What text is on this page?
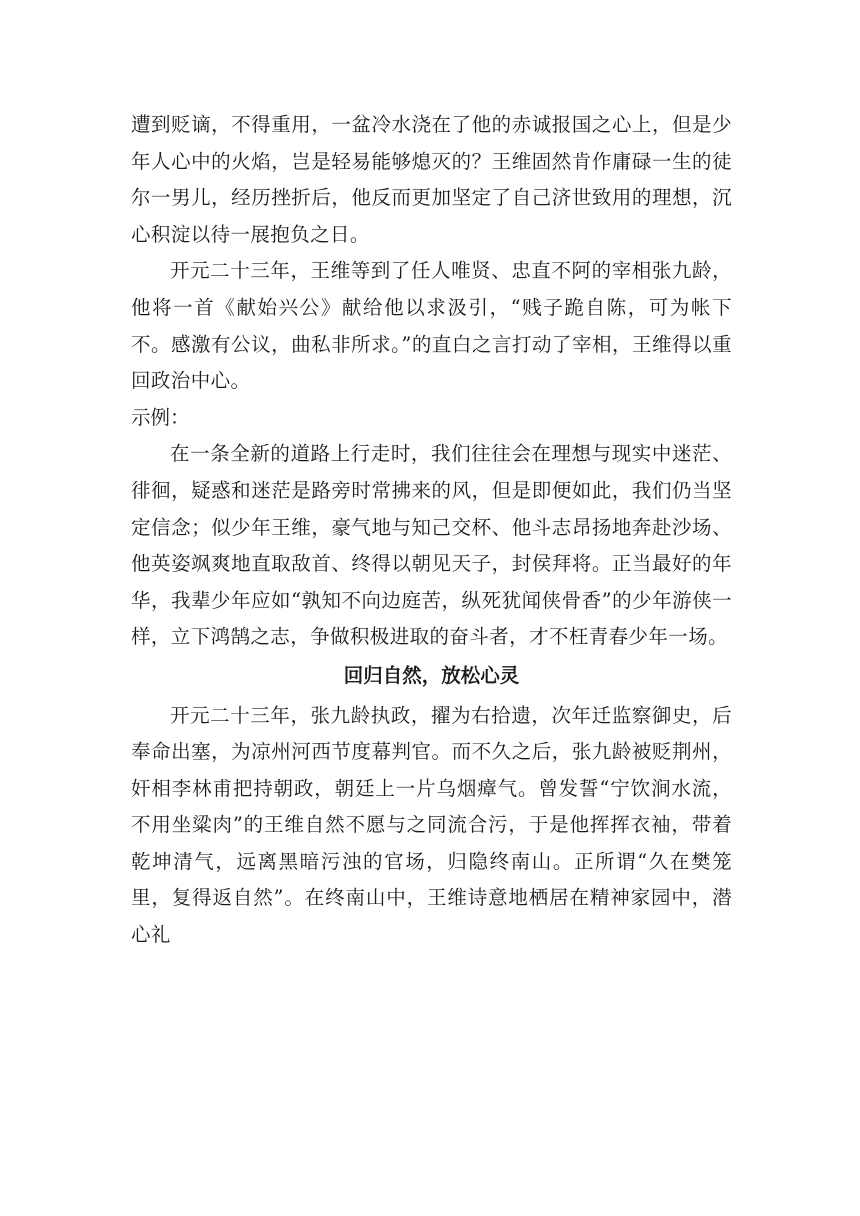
遭到贬谪，不得重用，一盆冷水浇在了他的赤诚报国之心上，但是少年人心中的火焰，岂是轻易能够熄灭的？王维固然肯作庸碌一生的徒尔一男儿，经历挫折后，他反而更加坚定了自己济世致用的理想，沉心积淀以待一展抱负之日。

开元二十三年，王维等到了任人唯贤、忠直不阿的宰相张九龄，他将一首《献始兴公》献给他以求汲引，“贱子跪自陈，可为帐下不。感激有公议，曲私非所求。”的直白之言打动了宰相，王维得以重回政治中心。

示例：

在一条全新的道路上行走时，我们往往会在理想与现实中迷茫、徘徊，疑惑和迷茫是路旁时常拂来的风，但是即便如此，我们仍当坚定信念；似少年王维，豪气地与知己交杯、他斗志昂扬地奔赴沙场、他英姿飒爽地直取敌首、终得以朝见天子，封侯拜将。正当最好的年华，我辈少年应如“孰知不向边庭苦，纵死犹闻侠骨香”的少年游侠一样，立下鸿鹄之志，争做积极进取的奋斗者，才不枉青春少年一场。

回归自然，放松心灵

开元二十三年，张九龄执政，擢为右拾遗，次年迁监察御史，后奉命出塞，为凉州河西节度幕判官。而不久之后，张九龄被贬荆州，奸相李林甫把持朝政，朝廷上一片乌烟瘴气。曾发誓“宁饮涧水流，不用坐粱肉”的王维自然不愿与之同流合污，于是他挥挥衣袖，带着乾坤清气，远离黑暗污浊的官场，归隐终南山。正所谓“久在樊笼里，复得返自然”。在终南山中，王维诗意地栖居在精神家园中，潜心礼
